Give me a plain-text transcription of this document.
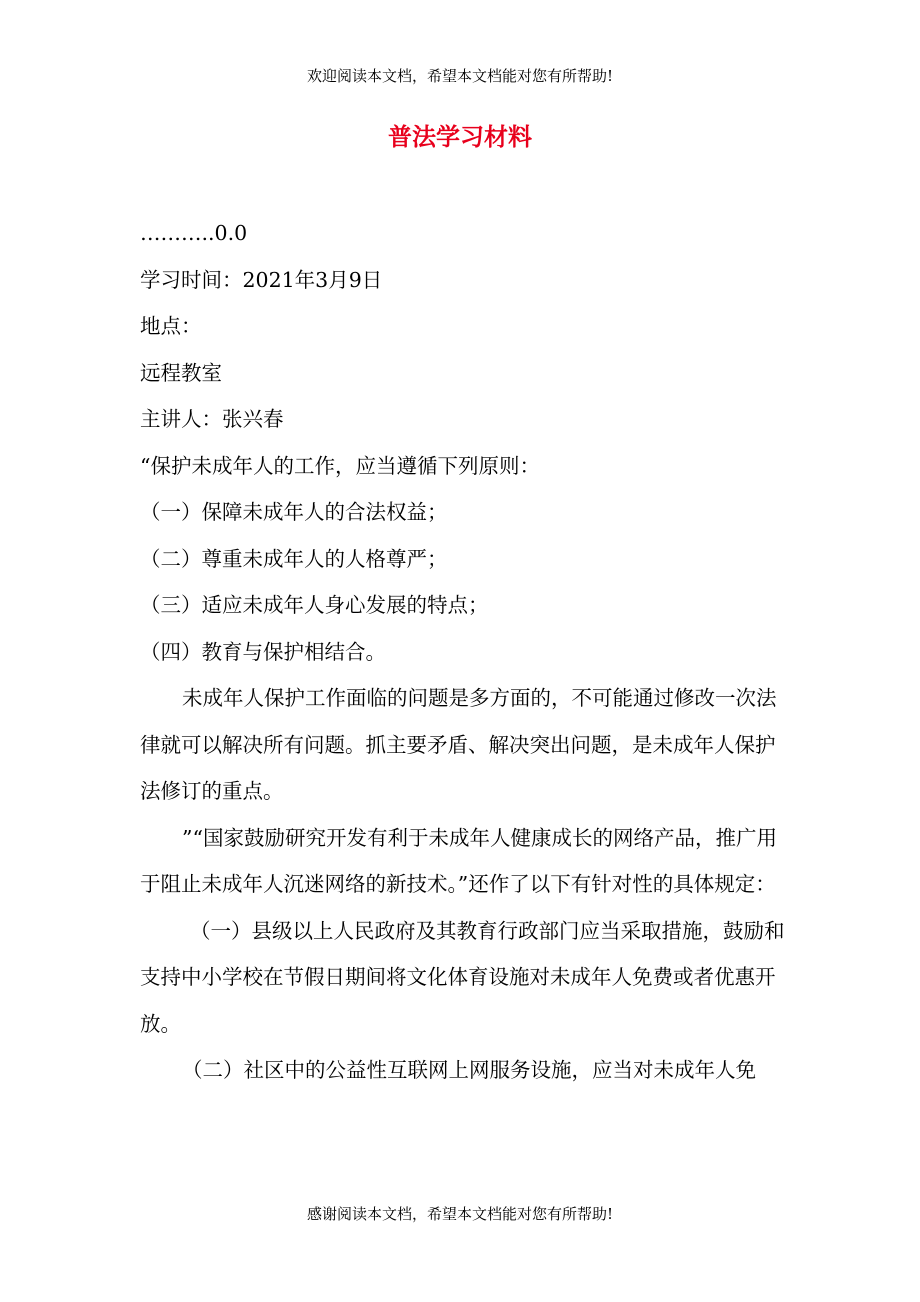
欢迎阅读本文档，希望本文档能对您有所帮助!
普法学习材料

………..0.0

学习时间：2021年3月9日

地点：

远程教室

主讲人：张兴春

“保护未成年人的工作，应当遵循下列原则：

（一）保障未成年人的合法权益；

（二）尊重未成年人的人格尊严；

（三）适应未成年人身心发展的特点；

（四）教育与保护相结合。

未成年人保护工作面临的问题是多方面的，不可能通过修改一次法律就可以解决所有问题。抓主要矛盾、解决突出问题，是未成年人保护法修订的重点。

”“国家鼓励研究开发有利于未成年人健康成长的网络产品，推广用于阻止未成年人沉迷网络的新技术。”还作了以下有针对性的具体规定：

（一）县级以上人民政府及其教育行政部门应当采取措施，鼓励和支持中小学校在节假日期间将文化体育设施对未成年人免费或者优惠开放。

（二）社区中的公益性互联网上网服务设施，应当对未成年人免

感谢阅读本文档，希望本文档能对您有所帮助!
